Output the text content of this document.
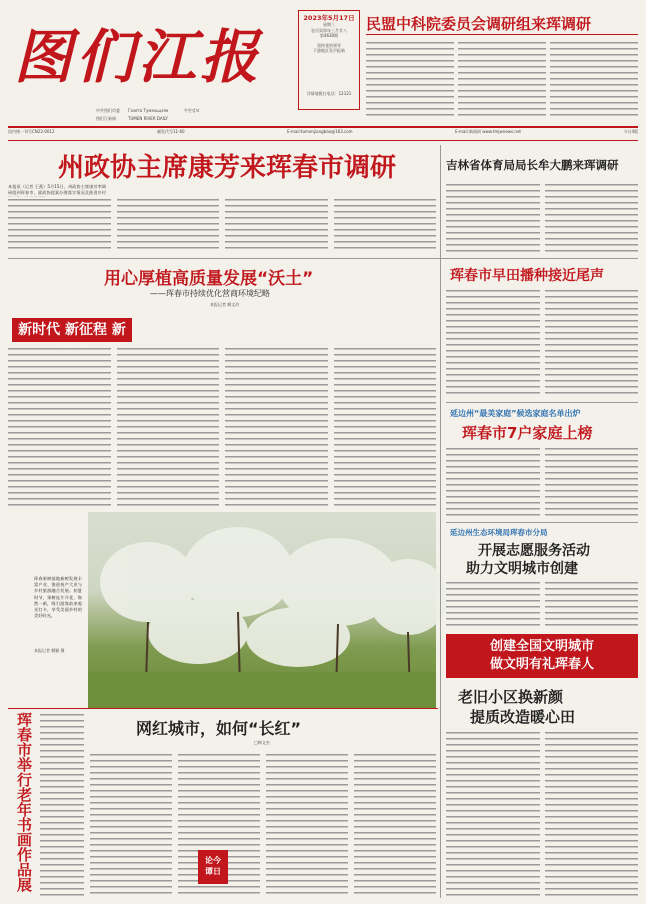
图们江报
中共图们市委
图们江新闻
Газета Тумэньцзян	투먼강보
TUMEN RIVER DAILY
2023年5月17日
星期三
农历癸卯年三月廿八
第4630期
坚持党的领导
下游地区发声报新

详情请拨打电话：12121
民盟中科院委员会调研组来珲调研
国内统一刊号CN22-0012	邮发代号11-60	E-mail:tumenjiangbao@163.com	E-mail:新闻网 www.tmjwnews.net	今日4版
州政协主席康芳来珲春市调研	吉林省体育局局长牟大鹏来珲调研
本报讯（记者 王燕）5月15日，州政协主席康芳率调研组到珲春市，就政协提案办理落实情况及推进乡村
用心厚植高质量发展“沃土”
——珲春市持续优化营商环境纪略
本报记者 柳文玲
新时代 新征程 新
珲春果树基地新树发展丰富产业、推进持产大业与乡村旅游融合发展。初夏时节，果树连片开花，焕然一新，吸引游客前来观光打卡，享受美丽乡村的美好时光。
本报记者 柳颖 摄
珲春市早田播种接近尾声
延边州“最美家庭”候选家庭名单出炉
珲春市7户家庭上榜
延边州生态环境局珲春市分局
开展志愿服务活动
助力文明城市创建
创建全国文明城市
做文明有礼珲春人
老旧小区换新颜
提质改造暖心田
珲春市举行老年书画作品展	网红城市，如何“长红”
□韩文杰
论今
谭日
